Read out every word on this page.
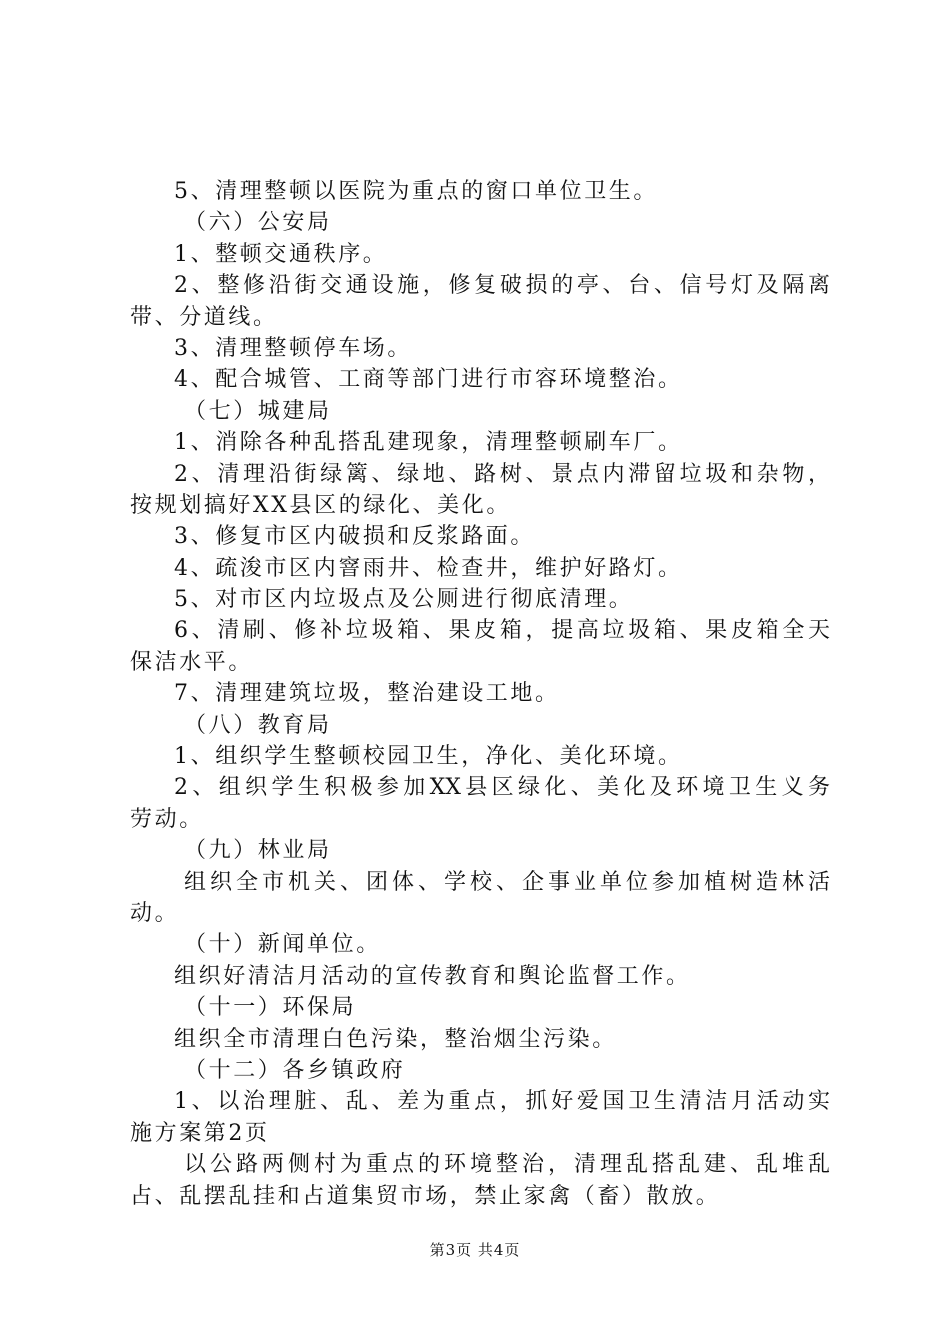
5、清理整顿以医院为重点的窗口单位卫生。
（六）公安局
1、整顿交通秩序。
2、整修沿街交通设施，修复破损的亭、台、信号灯及隔离
带、分道线。
3、清理整顿停车场。
4、配合城管、工商等部门进行市容环境整治。
（七）城建局
1、消除各种乱搭乱建现象，清理整顿刷车厂。
2、清理沿街绿篱、绿地、路树、景点内滞留垃圾和杂物，
按规划搞好XX县区的绿化、美化。
3、修复市区内破损和反浆路面。
4、疏浚市区内窨雨井、检查井，维护好路灯。
5、对市区内垃圾点及公厕进行彻底清理。
6、清刷、修补垃圾箱、果皮箱，提高垃圾箱、果皮箱全天
保洁水平。
7、清理建筑垃圾，整治建设工地。
（八）教育局
1、组织学生整顿校园卫生，净化、美化环境。
2、组织学生积极参加XX县区绿化、美化及环境卫生义务
劳动。
（九）林业局
组织全市机关、团体、学校、企事业单位参加植树造林活
动。
（十）新闻单位。
组织好清洁月活动的宣传教育和舆论监督工作。
（十一）环保局
组织全市清理白色污染，整治烟尘污染。
（十二）各乡镇政府
1、以治理脏、乱、差为重点，抓好爱国卫生清洁月活动实
施方案第2页
以公路两侧村为重点的环境整治，清理乱搭乱建、乱堆乱
占、乱摆乱挂和占道集贸市场，禁止家禽（畜）散放。
第3页 共4页
